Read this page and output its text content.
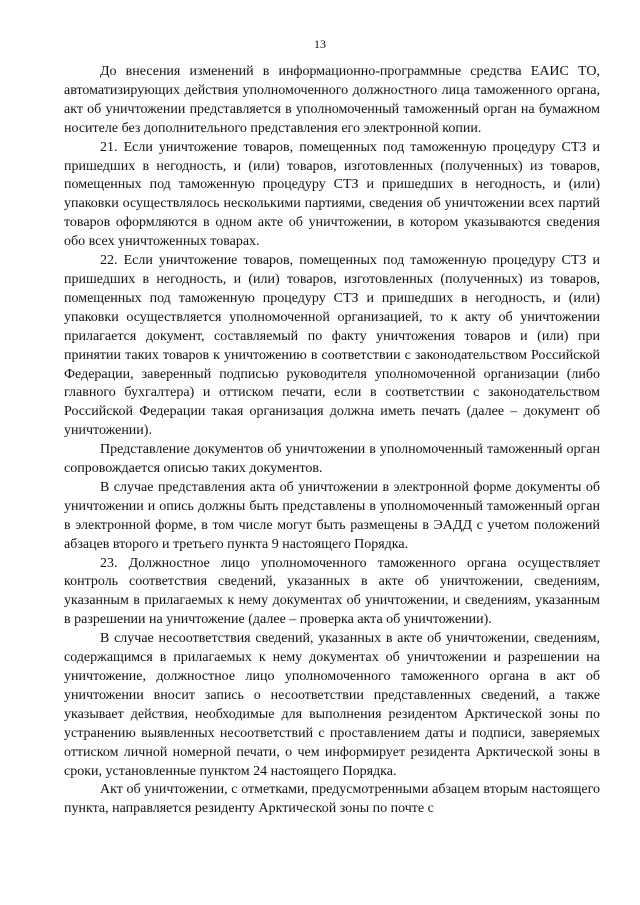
13

До внесения изменений в информационно-программные средства ЕАИС ТО, автоматизирующих действия уполномоченного должностного лица таможенного органа, акт об уничтожении представляется в уполномоченный таможенный орган на бумажном носителе без дополнительного представления его электронной копии.

21. Если уничтожение товаров, помещенных под таможенную процедуру СТЗ и пришедших в негодность, и (или) товаров, изготовленных (полученных) из товаров, помещенных под таможенную процедуру СТЗ и пришедших в негодность, и (или) упаковки осуществлялось несколькими партиями, сведения об уничтожении всех партий товаров оформляются в одном акте об уничтожении, в котором указываются сведения обо всех уничтоженных товарах.

22. Если уничтожение товаров, помещенных под таможенную процедуру СТЗ и пришедших в негодность, и (или) товаров, изготовленных (полученных) из товаров, помещенных под таможенную процедуру СТЗ и пришедших в негодность, и (или) упаковки осуществляется уполномоченной организацией, то к акту об уничтожении прилагается документ, составляемый по факту уничтожения товаров и (или) при принятии таких товаров к уничтожению в соответствии с законодательством Российской Федерации, заверенный подписью руководителя уполномоченной организации (либо главного бухгалтера) и оттиском печати, если в соответствии с законодательством Российской Федерации такая организация должна иметь печать (далее – документ об уничтожении).

Представление документов об уничтожении в уполномоченный таможенный орган сопровождается описью таких документов.

В случае представления акта об уничтожении в электронной форме документы об уничтожении и опись должны быть представлены в уполномоченный таможенный орган в электронной форме, в том числе могут быть размещены в ЭАДД с учетом положений абзацев второго и третьего пункта 9 настоящего Порядка.

23. Должностное лицо уполномоченного таможенного органа осуществляет контроль соответствия сведений, указанных в акте об уничтожении, сведениям, указанным в прилагаемых к нему документах об уничтожении, и сведениям, указанным в разрешении на уничтожение (далее – проверка акта об уничтожении).

В случае несоответствия сведений, указанных в акте об уничтожении, сведениям, содержащимся в прилагаемых к нему документах об уничтожении и разрешении на уничтожение, должностное лицо уполномоченного таможенного органа в акт об уничтожении вносит запись о несоответствии представленных сведений, а также указывает действия, необходимые для выполнения резидентом Арктической зоны по устранению выявленных несоответствий с проставлением даты и подписи, заверяемых оттиском личной номерной печати, о чем информирует резидента Арктической зоны в сроки, установленные пунктом 24 настоящего Порядка.

Акт об уничтожении, с отметками, предусмотренными абзацем вторым настоящего пункта, направляется резиденту Арктической зоны по почте с
